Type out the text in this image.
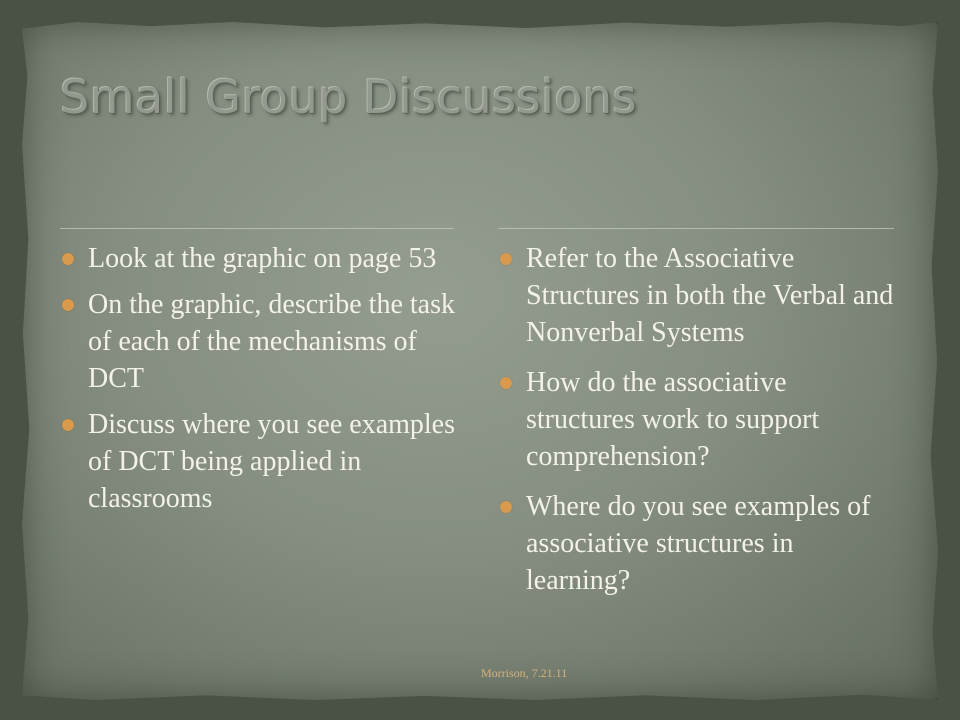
Small Group Discussions
Look at the graphic on page 53
On the graphic, describe the task of each of the mechanisms of DCT
Discuss where you see examples of DCT being applied in classrooms
Refer to the Associative Structures in both the Verbal and Nonverbal Systems
How do the associative structures work to support comprehension?
Where do you see examples of associative structures in learning?
Morrison, 7.21.11
